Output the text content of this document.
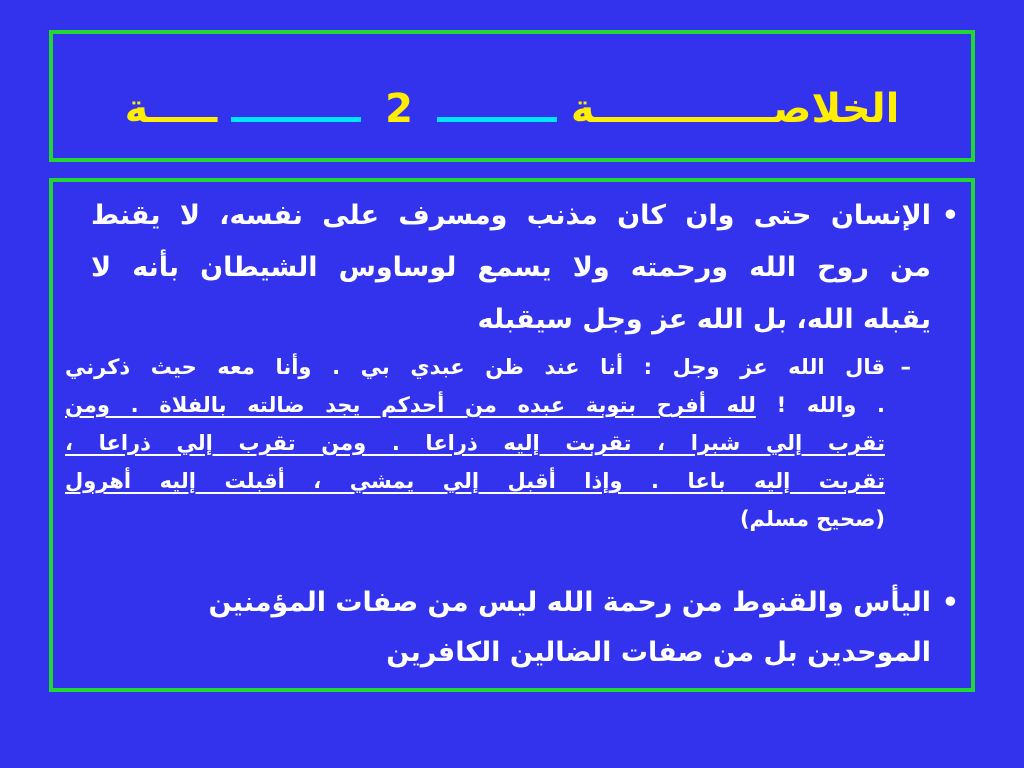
الخلاصـــــــــــــة  2  ـــــة
•
الإنسان حتى وان كان مذنب ومسرف على نفسه، لا يقنط
من روح الله ورحمته ولا يسمع لوساوس الشيطان بأنه لا
يقبله الله، بل الله عز وجل سيقبله
–
قال الله عز وجل : أنا عند ظن عبدي بي . وأنا معه حيث ذكرني
. والله ! لله أفرح بتوبة عبده من أحدكم يجد ضالته بالفلاة . ومن
تقرب إلي شبرا ، تقربت إليه ذراعا . ومن تقرب إلي ذراعا ،
تقربت إليه باعا . وإذا أقبل إلي يمشي ، أقبلت إليه أهرول
(صحيح مسلم)
•
اليأس والقنوط من رحمة الله ليس من صفات المؤمنين
الموحدين بل من صفات الضالين الكافرين
